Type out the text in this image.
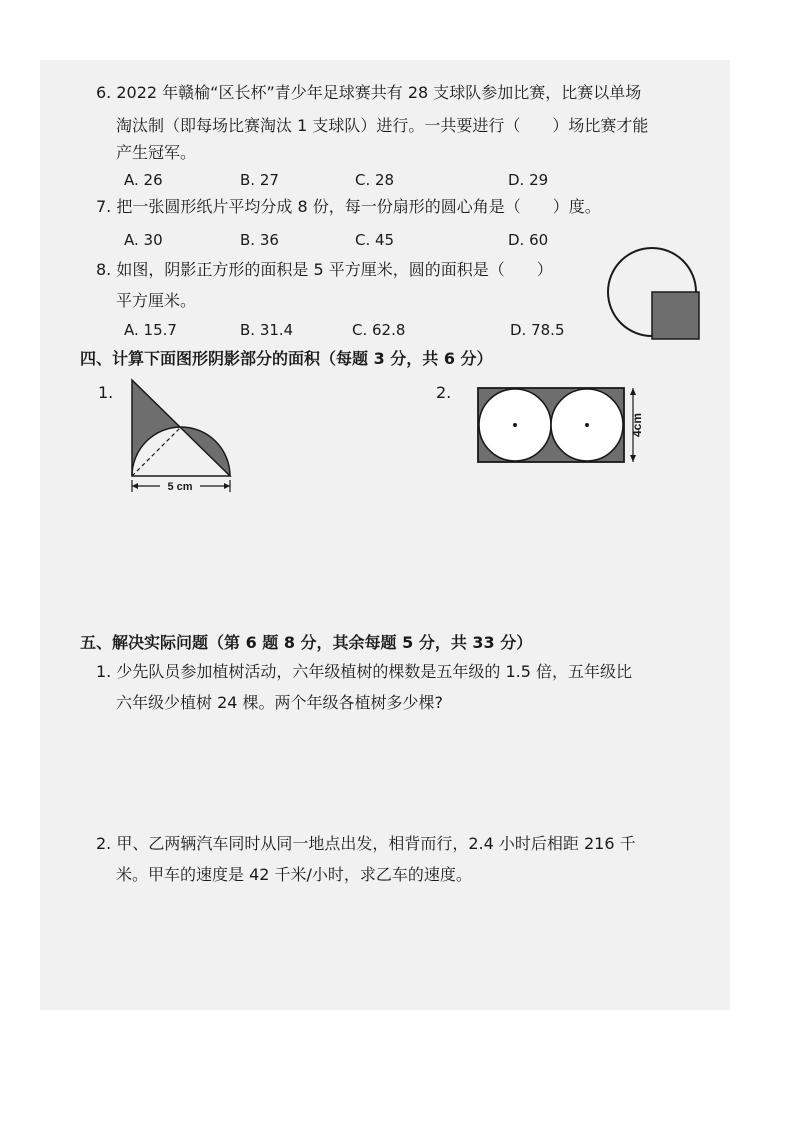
6. 2022 年赣榆“区长杯”青少年足球赛共有 28 支球队参加比赛，比赛以单场
淘汰制（即每场比赛淘汰 1 支球队）进行。一共要进行（　　）场比赛才能
产生冠军。
A. 26	B. 27	C. 28	D. 29
7. 把一张圆形纸片平均分成 8 份，每一份扇形的圆心角是（　　）度。
A. 30	B. 36	C. 45	D. 60
8. 如图，阴影正方形的面积是 5 平方厘米，圆的面积是（　　）
平方厘米。
A. 15.7	B. 31.4	C. 62.8	D. 78.5
四、计算下面图形阴影部分的面积（每题 3 分，共 6 分）
1.
5 cm
2.
4cm
五、解决实际问题（第 6 题 8 分，其余每题 5 分，共 33 分）
1. 少先队员参加植树活动，六年级植树的棵数是五年级的 1.5 倍，五年级比
六年级少植树 24 棵。两个年级各植树多少棵?
2. 甲、乙两辆汽车同时从同一地点出发，相背而行，2.4 小时后相距 216 千
米。甲车的速度是 42 千米/小时，求乙车的速度。
